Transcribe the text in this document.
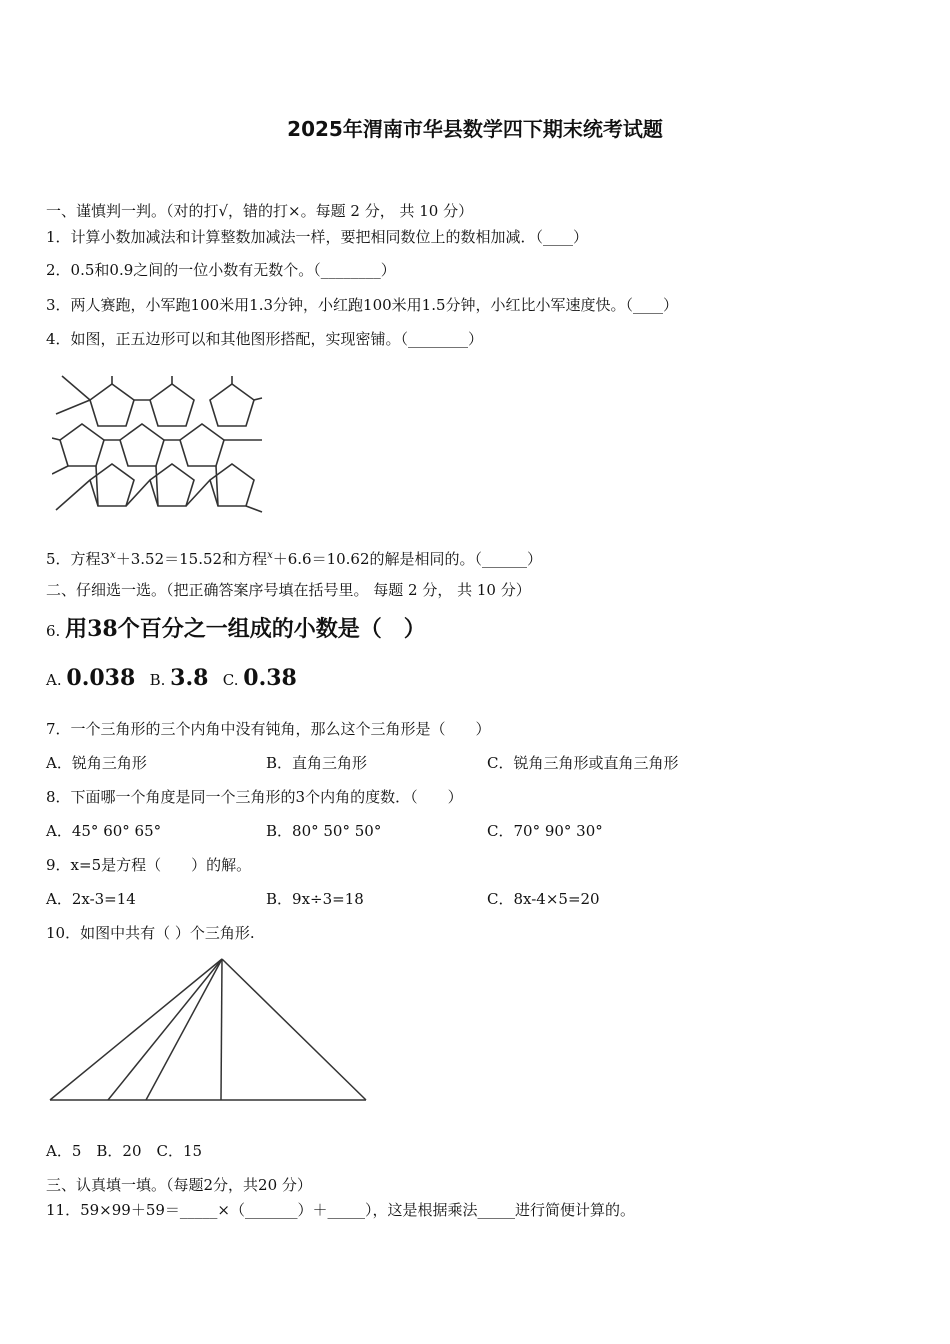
2025年渭南市华县数学四下期末统考试题
一、谨慎判一判。（对的打√，错的打×。每题 2 分， 共 10 分）
1．计算小数加减法和计算整数加减法一样，要把相同数位上的数相加减．（____）
2．0.5和0.9之间的一位小数有无数个。（________）
3．两人赛跑，小军跑100米用1.3分钟，小红跑100米用1.5分钟，小红比小军速度快。（____）
4．如图，正五边形可以和其他图形搭配，实现密铺。（________）
5．方程$3^x+3.52=15.52$和方程$^x$＋6.6＝10.62的解是相同的。（______）
二、仔细选一选。（把正确答案序号填在括号里。 每题 2 分， 共 10 分）
6. 用38个百分之一组成的小数是（　）
A. 0.038 B. 3.8 C. 0.38
7．一个三角形的三个内角中没有钝角，那么这个三角形是（　　）
A．锐角三角形	B．直角三角形	C．锐角三角形或直角三角形
8．下面哪一个角度是同一个三角形的3个内角的度数．（　　）
A．45° 60° 65°	B．80° 50° 50°	C．70° 90° 30°
9．x=5是方程（　　）的解。
A．2x-3=14	B．9x÷3=18	C．8x-4×5=20
10．如图中共有（ ）个三角形.
A．5　B．20　C．15
三、认真填一填。（每题2分，共20 分）
11．59×99＋59＝_____×（_______）＋_____），这是根据乘法_____进行简便计算的。
